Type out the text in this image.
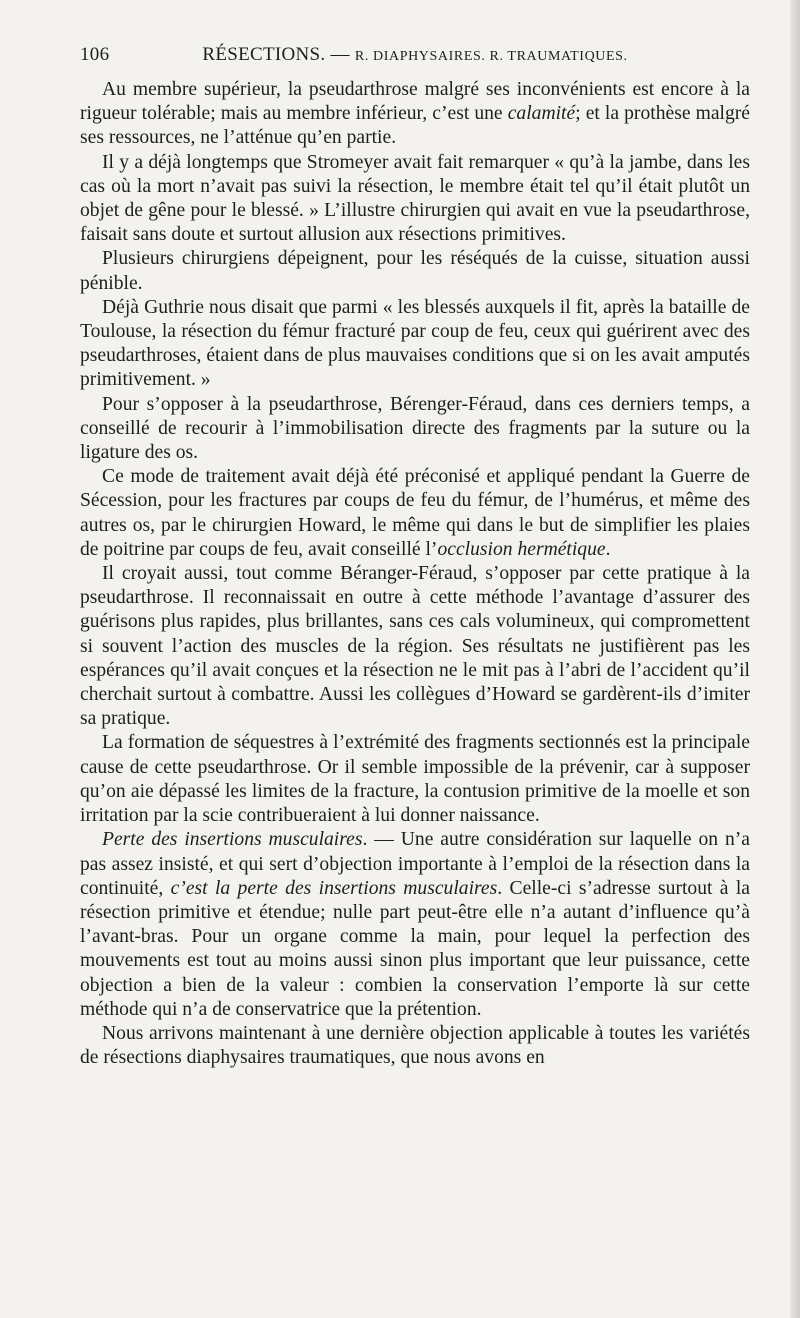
106	RÉSECTIONS. — R. DIAPHYSAIRES. R. TRAUMATIQUES.

Au membre supérieur, la pseudarthrose malgré ses inconvénients est encore à la rigueur tolérable; mais au membre inférieur, c’est une calamité; et la prothèse malgré ses ressources, ne l’atténue qu’en partie.

Il y a déjà longtemps que Stromeyer avait fait remarquer « qu’à la jambe, dans les cas où la mort n’avait pas suivi la résection, le membre était tel qu’il était plutôt un objet de gêne pour le blessé. » L’illustre chirurgien qui avait en vue la pseudarthrose, faisait sans doute et surtout allusion aux résections primitives.

Plusieurs chirurgiens dépeignent, pour les réséqués de la cuisse, situation aussi pénible.

Déjà Guthrie nous disait que parmi « les blessés auxquels il fit, après la bataille de Toulouse, la résection du fémur fracturé par coup de feu, ceux qui guérirent avec des pseudarthroses, étaient dans de plus mauvaises conditions que si on les avait amputés primitivement. »

Pour s’opposer à la pseudarthrose, Bérenger-Féraud, dans ces derniers temps, a conseillé de recourir à l’immobilisation directe des fragments par la suture ou la ligature des os.

Ce mode de traitement avait déjà été préconisé et appliqué pendant la Guerre de Sécession, pour les fractures par coups de feu du fémur, de l’humérus, et même des autres os, par le chirurgien Howard, le même qui dans le but de simplifier les plaies de poitrine par coups de feu, avait conseillé l’occlusion hermétique.

Il croyait aussi, tout comme Béranger-Féraud, s’opposer par cette pratique à la pseudarthrose. Il reconnaissait en outre à cette méthode l’avantage d’assurer des guérisons plus rapides, plus brillantes, sans ces cals volumineux, qui compromettent si souvent l’action des muscles de la région. Ses résultats ne justifièrent pas les espérances qu’il avait conçues et la résection ne le mit pas à l’abri de l’accident qu’il cherchait surtout à combattre. Aussi les collègues d’Howard se gardèrent-ils d’imiter sa pratique.

La formation de séquestres à l’extrémité des fragments sectionnés est la principale cause de cette pseudarthrose. Or il semble impossible de la prévenir, car à supposer qu’on aie dépassé les limites de la fracture, la contusion primitive de la moelle et son irritation par la scie contribueraient à lui donner naissance.

Perte des insertions musculaires. — Une autre considération sur laquelle on n’a pas assez insisté, et qui sert d’objection importante à l’emploi de la résection dans la continuité, c’est la perte des insertions musculaires. Celle-ci s’adresse surtout à la résection primitive et étendue; nulle part peut-être elle n’a autant d’influence qu’à l’avant-bras. Pour un organe comme la main, pour lequel la perfection des mouvements est tout au moins aussi sinon plus important que leur puissance, cette objection a bien de la valeur : combien la conservation l’emporte là sur cette méthode qui n’a de conservatrice que la prétention.

Nous arrivons maintenant à une dernière objection applicable à toutes les variétés de résections diaphysaires traumatiques, que nous avons en
